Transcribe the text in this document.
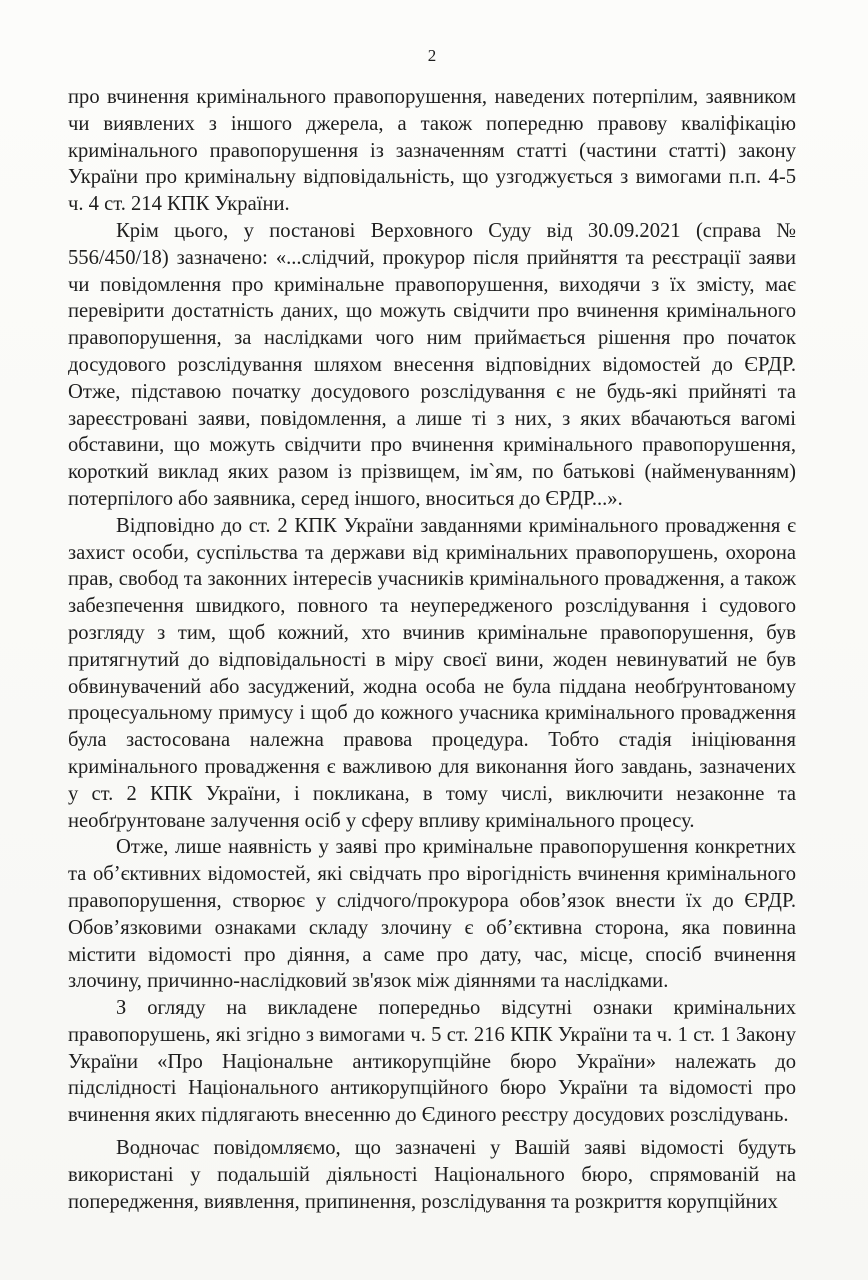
2

про вчинення кримінального правопорушення, наведених потерпілим, заявником чи виявлених з іншого джерела, а також попередню правову кваліфікацію кримінального правопорушення із зазначенням статті (частини статті) закону України про кримінальну відповідальність, що узгоджується з вимогами п.п. 4-5 ч. 4 ст. 214 КПК України.

Крім цього, у постанові Верховного Суду від 30.09.2021 (справа № 556/450/18) зазначено: «...слідчий, прокурор після прийняття та реєстрації заяви чи повідомлення про кримінальне правопорушення, виходячи з їх змісту, має перевірити достатність даних, що можуть свідчити про вчинення кримінального правопорушення, за наслідками чого ним приймається рішення про початок досудового розслідування шляхом внесення відповідних відомостей до ЄРДР. Отже, підставою початку досудового розслідування є не будь-які прийняті та зареєстровані заяви, повідомлення, а лише ті з них, з яких вбачаються вагомі обставини, що можуть свідчити про вчинення кримінального правопорушення, короткий виклад яких разом із прізвищем, ім`ям, по батькові (найменуванням) потерпілого або заявника, серед іншого, вноситься до ЄРДР...».

Відповідно до ст. 2 КПК України завданнями кримінального провадження є захист особи, суспільства та держави від кримінальних правопорушень, охорона прав, свобод та законних інтересів учасників кримінального провадження, а також забезпечення швидкого, повного та неупередженого розслідування і судового розгляду з тим, щоб кожний, хто вчинив кримінальне правопорушення, був притягнутий до відповідальності в міру своєї вини, жоден невинуватий не був обвинувачений або засуджений, жодна особа не була піддана необґрунтованому процесуальному примусу і щоб до кожного учасника кримінального провадження була застосована належна правова процедура. Тобто стадія ініціювання кримінального провадження є важливою для виконання його завдань, зазначених у ст. 2 КПК України, і покликана, в тому числі, виключити незаконне та необґрунтоване залучення осіб у сферу впливу кримінального процесу.

Отже, лише наявність у заяві про кримінальне правопорушення конкретних та об’єктивних відомостей, які свідчать про вірогідність вчинення кримінального правопорушення, створює у слідчого/прокурора обов’язок внести їх до ЄРДР. Обов’язковими ознаками складу злочину є об’єктивна сторона, яка повинна містити відомості про діяння, а саме про дату, час, місце, спосіб вчинення злочину, причинно-наслідковий зв'язок між діяннями та наслідками.

З огляду на викладене попередньо відсутні ознаки кримінальних правопорушень, які згідно з вимогами ч. 5 ст. 216 КПК України та ч. 1 ст. 1 Закону України «Про Національне антикорупційне бюро України» належать до підслідності Національного антикорупційного бюро України та відомості про вчинення яких підлягають внесенню до Єдиного реєстру досудових розслідувань.

Водночас повідомляємо, що зазначені у Вашій заяві відомості будуть використані у подальшій діяльності Національного бюро, спрямованій на попередження, виявлення, припинення, розслідування та розкриття корупційних
